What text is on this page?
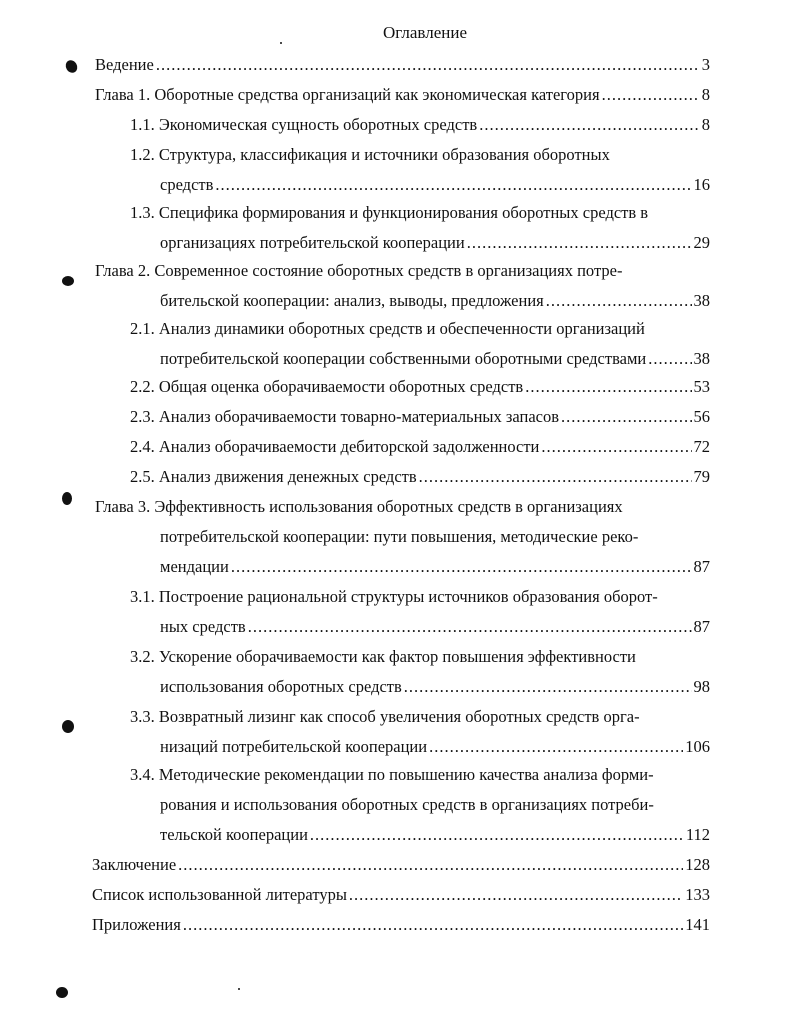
Оглавление
Ведение .....	3
Глава 1. Оборотные средства организаций как экономическая категория .....	8
1.1. Экономическая сущность оборотных средств .....	8
1.2. Структура, классификация и источники образования оборотных
средств .....	16
1.3. Специфика формирования и функционирования оборотных средств в
организациях потребительской кооперации .....	29
Глава 2. Современное состояние оборотных средств в организациях потре-
бительской кооперации: анализ, выводы, предложения .....	38
2.1. Анализ динамики оборотных средств и обеспеченности организаций
потребительской кооперации собственными оборотными средствами .....	38
2.2. Общая оценка оборачиваемости оборотных средств .....	53
2.3. Анализ оборачиваемости товарно-материальных запасов .....	56
2.4. Анализ оборачиваемости дебиторской задолженности .....	72
2.5. Анализ движения денежных средств .....	79
Глава 3. Эффективность использования оборотных средств в организациях
потребительской кооперации: пути повышения, методические реко-
мендации .....	87
3.1. Построение рациональной структуры источников образования оборот-
ных средств .....	87
3.2. Ускорение оборачиваемости как фактор повышения эффективности
использования оборотных средств .....	98
3.3. Возвратный лизинг как способ увеличения оборотных средств орга-
низаций потребительской кооперации .....	106
3.4. Методические рекомендации по повышению качества анализа форми-
рования и использования оборотных средств в организациях потреби-
тельской кооперации .....	112
Заключение .....	128
Список использованной литературы .....	133
Приложения .....	141
